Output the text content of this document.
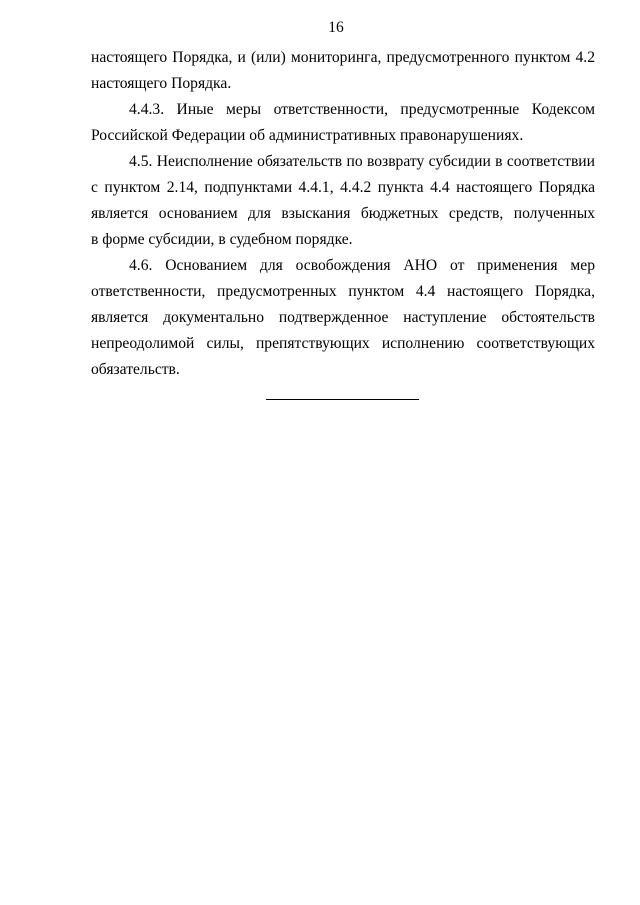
16
настоящего Порядка, и (или) мониторинга, предусмотренного пунктом 4.2
настоящего Порядка.
4.4.3. Иные меры ответственности, предусмотренные Кодексом
Российской Федерации об административных правонарушениях.
4.5. Неисполнение обязательств по возврату субсидии в соответствии
с пунктом 2.14, подпунктами 4.4.1, 4.4.2 пункта 4.4 настоящего Порядка
является основанием для взыскания бюджетных средств, полученных
в форме субсидии, в судебном порядке.
4.6. Основанием для освобождения АНО от применения мер
ответственности, предусмотренных пунктом 4.4 настоящего Порядка,
является документально подтвержденное наступление обстоятельств
непреодолимой силы, препятствующих исполнению соответствующих
обязательств.
